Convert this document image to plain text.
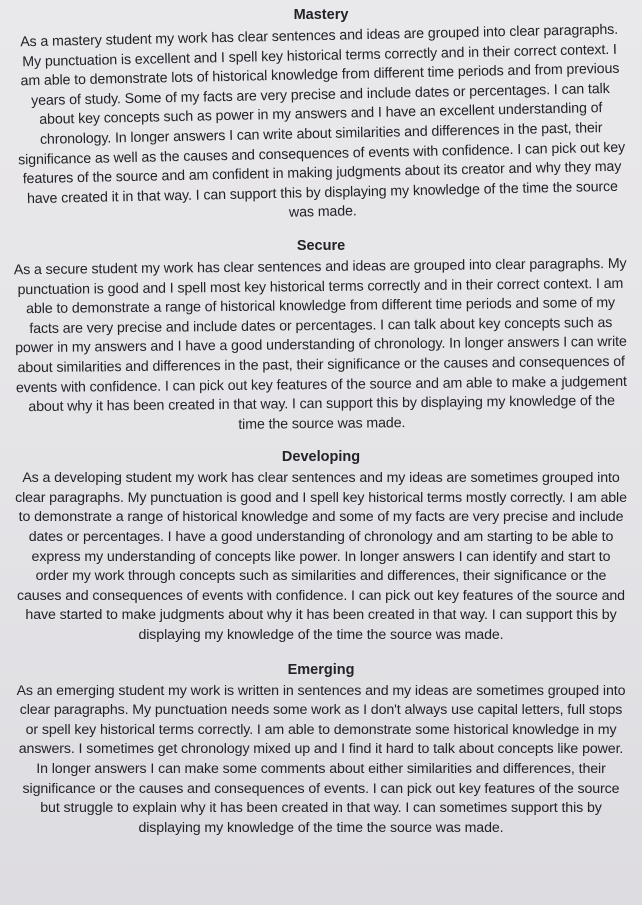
Mastery

As a mastery student my work has clear sentences and ideas are grouped into clear paragraphs. My punctuation is excellent and I spell key historical terms correctly and in their correct context. I am able to demonstrate lots of historical knowledge from different time periods and from previous years of study. Some of my facts are very precise and include dates or percentages. I can talk about key concepts such as power in my answers and I have an excellent understanding of chronology. In longer answers I can write about similarities and differences in the past, their significance as well as the causes and consequences of events with confidence. I can pick out key features of the source and am confident in making judgments about its creator and why they may have created it in that way. I can support this by displaying my knowledge of the time the source was made.

Secure

As a secure student my work has clear sentences and ideas are grouped into clear paragraphs. My punctuation is good and I spell most key historical terms correctly and in their correct context. I am able to demonstrate a range of historical knowledge from different time periods and some of my facts are very precise and include dates or percentages. I can talk about key concepts such as power in my answers and I have a good understanding of chronology. In longer answers I can write about similarities and differences in the past, their significance or the causes and consequences of events with confidence. I can pick out key features of the source and am able to make a judgement about why it has been created in that way. I can support this by displaying my knowledge of the time the source was made.

Developing

As a developing student my work has clear sentences and my ideas are sometimes grouped into clear paragraphs. My punctuation is good and I spell key historical terms mostly correctly. I am able to demonstrate a range of historical knowledge and some of my facts are very precise and include dates or percentages. I have a good understanding of chronology and am starting to be able to express my understanding of concepts like power. In longer answers I can identify and start to order my work through concepts such as similarities and differences, their significance or the causes and consequences of events with confidence. I can pick out key features of the source and have started to make judgments about why it has been created in that way. I can support this by displaying my knowledge of the time the source was made.

Emerging

As an emerging student my work is written in sentences and my ideas are sometimes grouped into clear paragraphs. My punctuation needs some work as I don't always use capital letters, full stops or spell key historical terms correctly. I am able to demonstrate some historical knowledge in my answers. I sometimes get chronology mixed up and I find it hard to talk about concepts like power. In longer answers I can make some comments about either similarities and differences, their significance or the causes and consequences of events. I can pick out key features of the source but struggle to explain why it has been created in that way. I can sometimes support this by displaying my knowledge of the time the source was made.
